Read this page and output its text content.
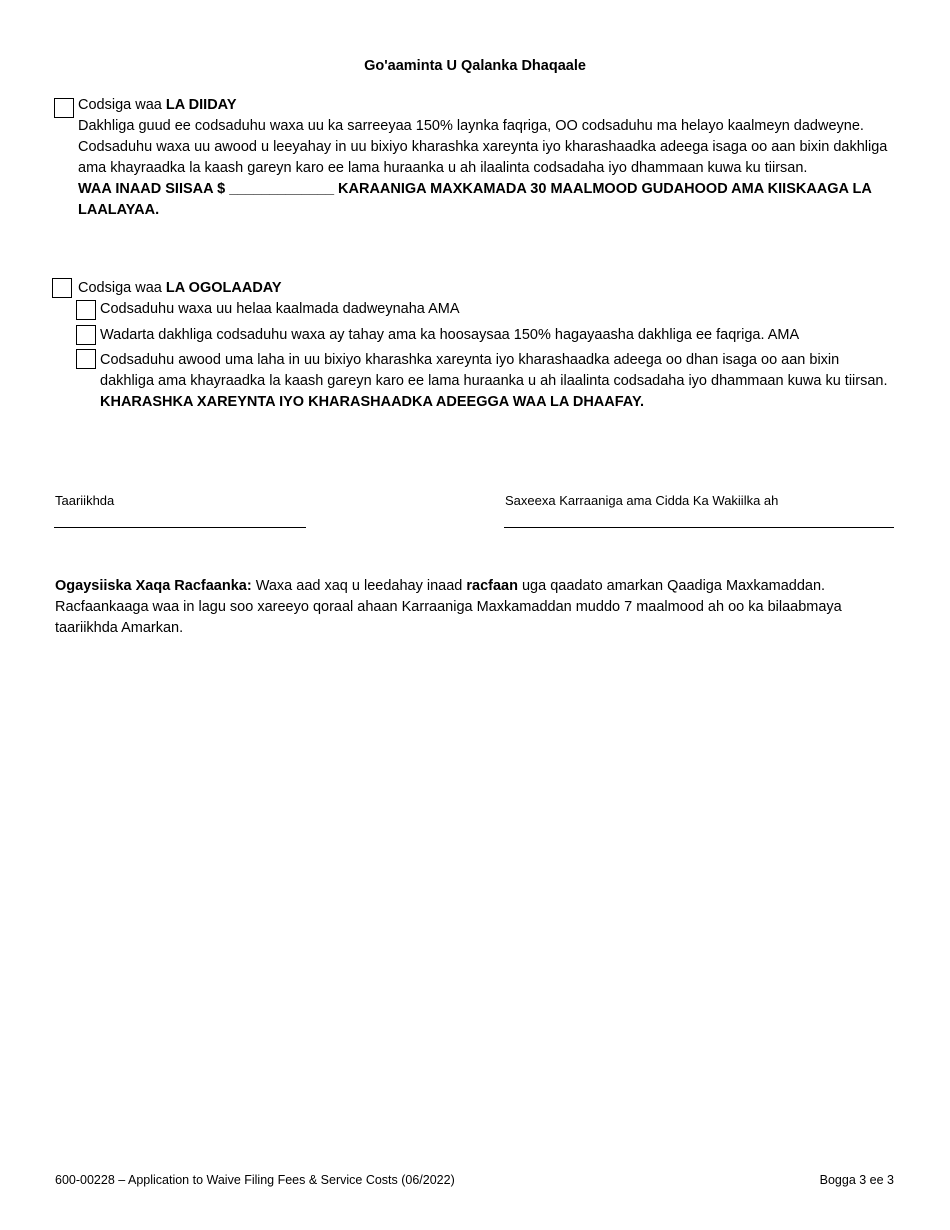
Go'aaminta U Qalanka Dhaqaale

Codsiga waa LA DIIDAY

Dakhliga guud ee codsaduhu waxa uu ka sarreeyaa 150% laynka faqriga, OO codsaduhu ma helayo kaalmeyn dadweyne. Codsaduhu waxa uu awood u leeyahay in uu bixiyo kharashka xareynta iyo kharashaadka adeega isaga oo aan bixin dakhliga ama khayraadka la kaash gareyn karo ee lama huraanka u ah ilaalinta codsadaha iyo dhammaan kuwa ku tiirsan.

WAA INAAD SIISAA $ _____________ KARAANIGA MAXKAMADA 30 MAALMOOD GUDAHOOD AMA KIISKAAGA LA LAALAYAA.

Codsiga waa LA OGOLAADAY
Codsaduhu waxa uu helaa kaalmada dadweynaha AMA
Wadarta dakhliga codsaduhu waxa ay tahay ama ka hoosaysaa 150% hagayaasha dakhliga ee faqriga. AMA

Codsaduhu awood uma laha in uu bixiyo kharashka xareynta iyo kharashaadka adeega oo dhan isaga oo aan bixin dakhliga ama khayraadka la kaash gareyn karo ee lama huraanka u ah ilaalinta codsadaha iyo dhammaan kuwa ku tiirsan.

KHARASHKA XAREYNTA IYO KHARASHAADKA ADEEGGA WAA LA DHAAFAY.

Taariikhda	Saxeexa Karraaniga ama Cidda Ka Wakiilka ah
Ogaysiiska Xaqa Racfaanka: Waxa aad xaq u leedahay inaad racfaan uga qaadato amarkan Qaadiga Maxkamaddan. Racfaankaaga waa in lagu soo xareeyo qoraal ahaan Karraaniga Maxkamaddan muddo 7 maalmood ah oo ka bilaabmaya taariikhda Amarkan.
600-00228 – Application to Waive Filing Fees & Service Costs (06/2022)	Bogga 3 ee 3
